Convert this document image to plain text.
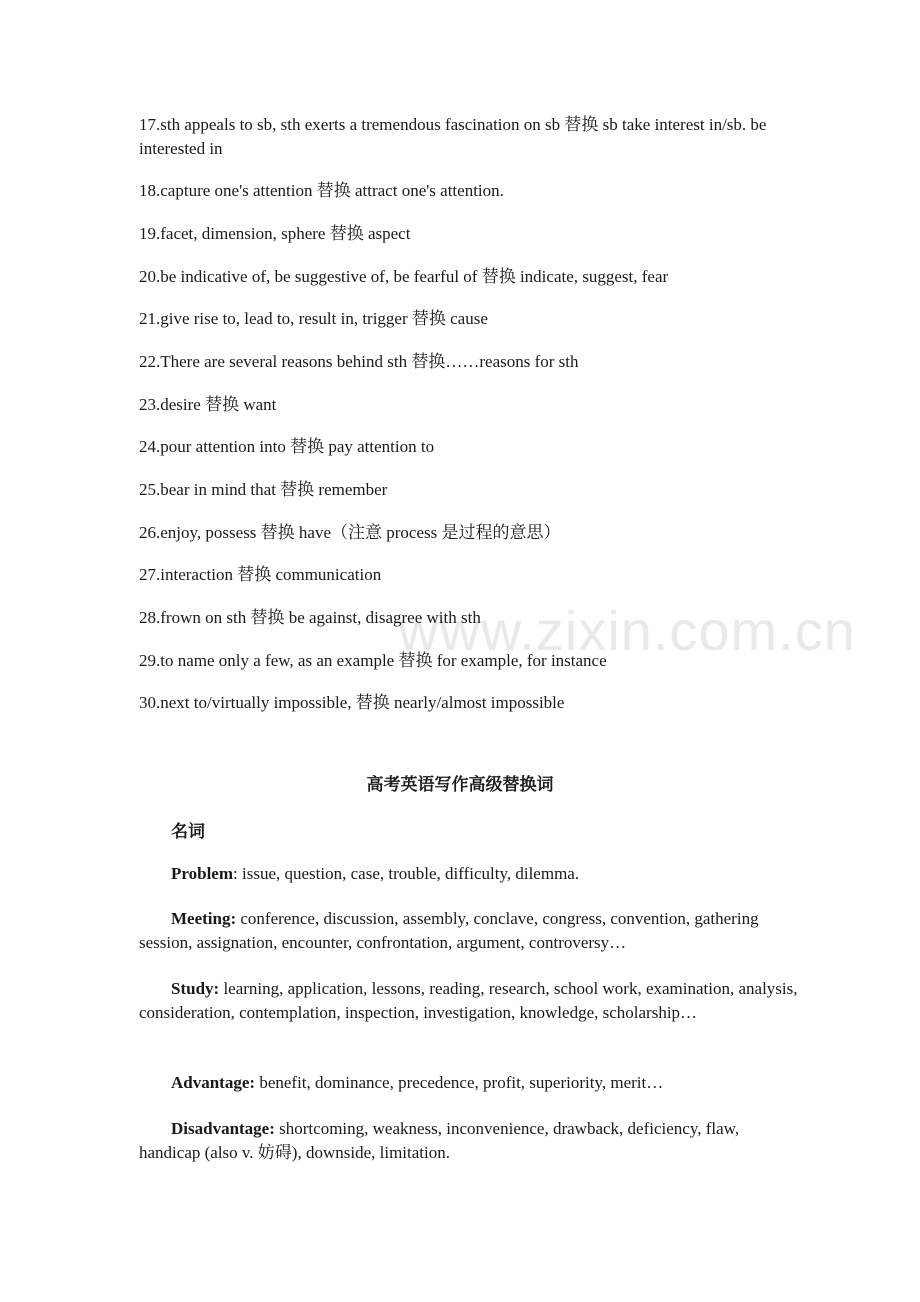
www.zixin.com.cn
17.sth appeals to sb, sth exerts a tremendous fascination on sb 替换 sb take interest in/sb. be interested in
18.capture one's attention 替换 attract one's attention.
19.facet, dimension, sphere 替换 aspect
20.be indicative of, be suggestive of, be fearful of 替换 indicate, suggest, fear
21.give rise to, lead to, result in, trigger 替换 cause
22.There are several reasons behind sth 替换……reasons for sth
23.desire 替换 want
24.pour attention into 替换 pay attention to
25.bear in mind that 替换 remember
26.enjoy, possess 替换 have（注意 process 是过程的意思）
27.interaction 替换 communication
28.frown on sth 替换 be against, disagree with sth
29.to name only a few, as an example 替换 for example, for instance
30.next to/virtually impossible, 替换 nearly/almost impossible
高考英语写作高级替换词
名词
Problem: issue, question, case, trouble, difficulty, dilemma.
Meeting: conference, discussion, assembly, conclave, congress, convention, gathering session, assignation, encounter, confrontation, argument, controversy…
Study: learning, application, lessons, reading, research, school work, examination, analysis, consideration, contemplation, inspection, investigation, knowledge, scholarship…
Advantage: benefit, dominance, precedence, profit, superiority, merit…
Disadvantage: shortcoming, weakness, inconvenience, drawback, deficiency, flaw, handicap (also v. 妨碍), downside, limitation.
